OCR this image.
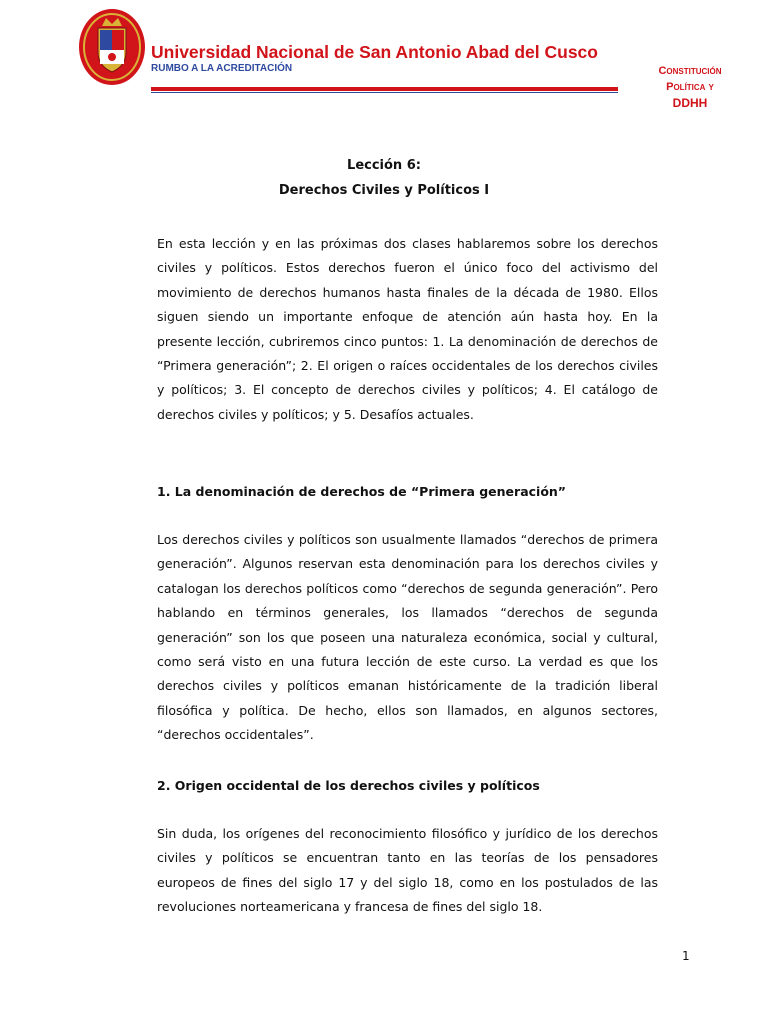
Universidad Nacional de San Antonio Abad del Cusco
RUMBO A LA ACREDITACIÓN	Constitución
Política y
DDHH
Lección 6:
Derechos Civiles y Políticos I

En esta lección y en las próximas dos clases hablaremos sobre los derechos civiles y políticos. Estos derechos fueron el único foco del activismo del movimiento de derechos humanos hasta finales de la década de 1980. Ellos siguen siendo un importante enfoque de atención aún hasta hoy. En la presente lección, cubriremos cinco puntos: 1. La denominación de derechos de “Primera generación”; 2. El origen o raíces occidentales de los derechos civiles y políticos; 3. El concepto de derechos civiles y políticos; 4. El catálogo de derechos civiles y políticos; y 5. Desafíos actuales.

1. La denominación de derechos de “Primera generación”

Los derechos civiles y políticos son usualmente llamados “derechos de primera generación”. Algunos reservan esta denominación para los derechos civiles y catalogan los derechos políticos como “derechos de segunda generación”. Pero hablando en términos generales, los llamados “derechos de segunda generación” son los que poseen una naturaleza económica, social y cultural, como será visto en una futura lección de este curso. La verdad es que los derechos civiles y políticos emanan históricamente de la tradición liberal filosófica y política. De hecho, ellos son llamados, en algunos sectores, “derechos occidentales”.

2. Origen occidental de los derechos civiles y políticos

Sin duda, los orígenes del reconocimiento filosófico y jurídico de los derechos civiles y políticos se encuentran tanto en las teorías de los pensadores europeos de fines del siglo 17 y del siglo 18, como en los postulados de las revoluciones norteamericana y francesa de fines del siglo 18.

1
